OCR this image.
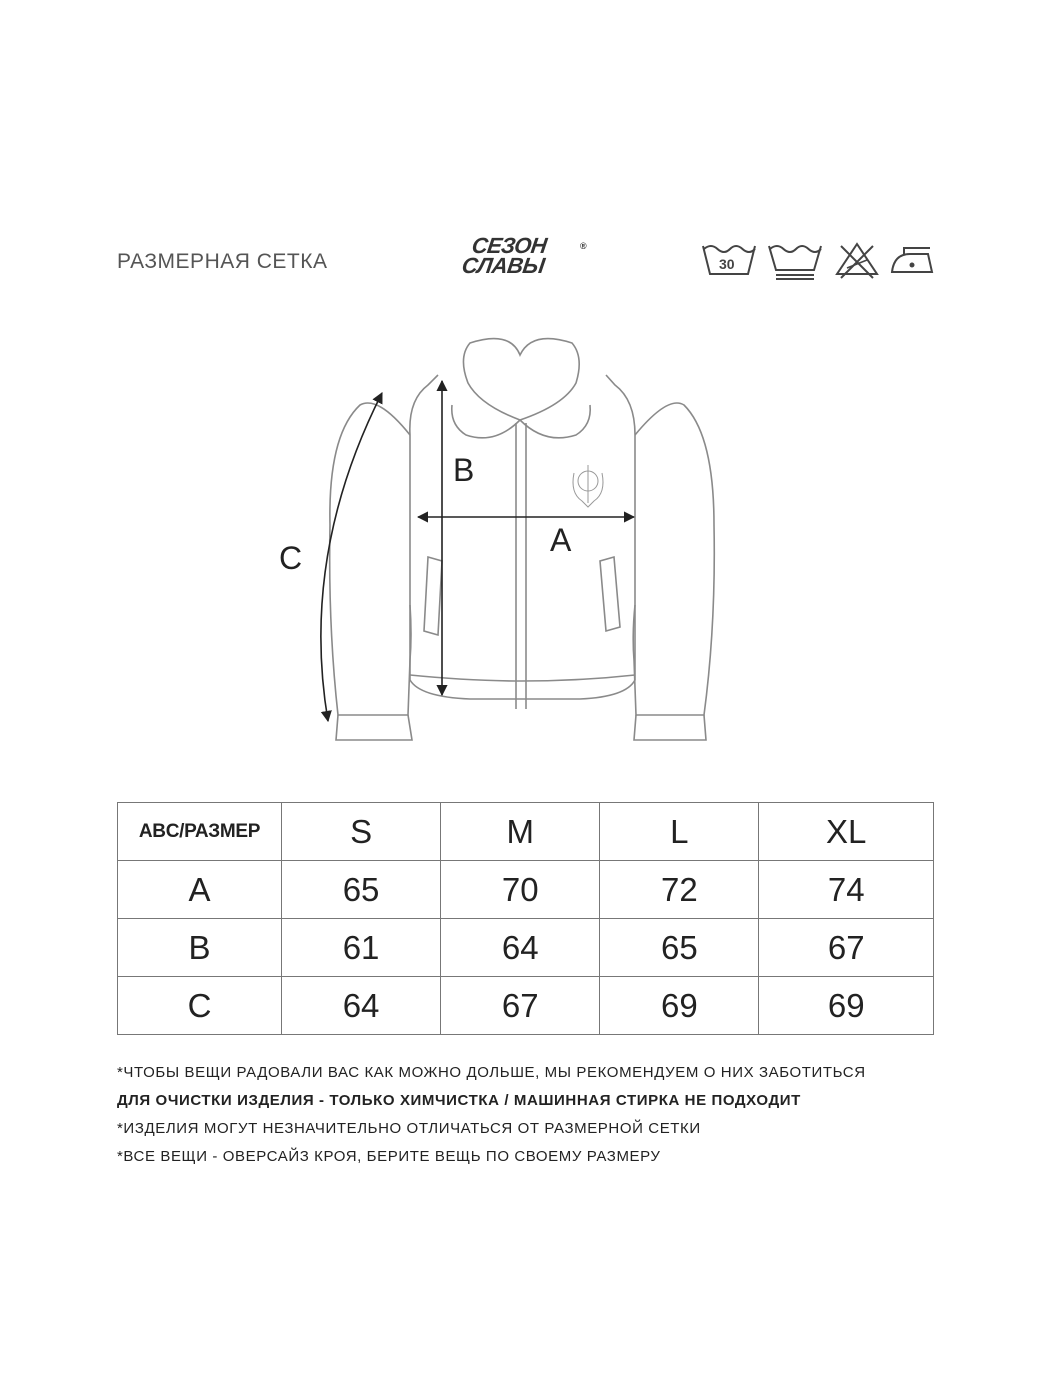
РАЗМЕРНАЯ СЕТКА
СЕЗОН
СЛАВЫ
®
30
B
A
C
ABC/РАЗМЕР	S	M	L	XL
A	65	70	72	74
B	61	64	65	67
C	64	67	69	69

*ЧТОБЫ ВЕЩИ РАДОВАЛИ ВАС КАК МОЖНО ДОЛЬШЕ, МЫ РЕКОМЕНДУЕМ О НИХ ЗАБОТИТЬСЯ

ДЛЯ ОЧИСТКИ ИЗДЕЛИЯ - ТОЛЬКО ХИМЧИСТКА / МАШИННАЯ СТИРКА НЕ ПОДХОДИТ

*ИЗДЕЛИЯ МОГУТ НЕЗНАЧИТЕЛЬНО ОТЛИЧАТЬСЯ ОТ РАЗМЕРНОЙ СЕТКИ

*ВСЕ ВЕЩИ - ОВЕРСАЙЗ КРОЯ, БЕРИТЕ ВЕЩЬ ПО СВОЕМУ РАЗМЕРУ
